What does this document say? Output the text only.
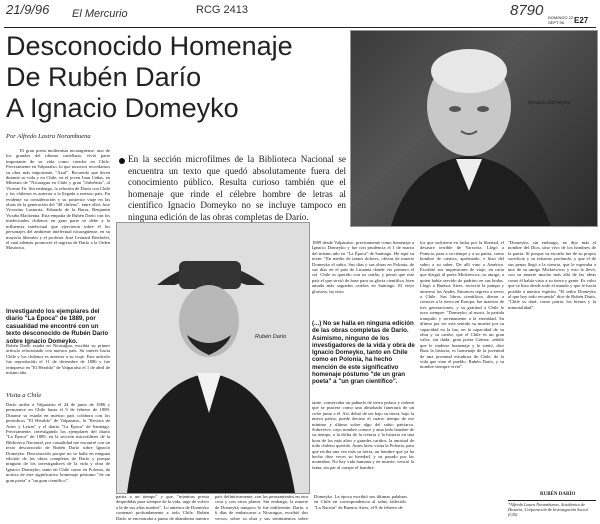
21/9/96 El Mercurio	RCG 2413	8790 DOMINGO 22 SEPT 96	E27
Desconocido Homenaje
De Rubén Darío
A Ignacio Domeyko
Por Alfredo Lastra Norambuena
Ignacio Domeyko
En la sección microfilmes de la Biblioteca Nacional se encuentra un texto que quedó absolutamente fuera del conocimiento público. Resulta curioso también que el homenaje que rinde el célebre hombre de letras al científico Ignacio Domeyko no se incluye tampoco en ninguna edición de las obras completas de Darío.
El gran poeta modernista nicaragüense, uno de los grandes del idioma castellano, vivió parte importante de su vida como creador en Chile. Precisamente en Valparaíso, lo que nosotros recordamos su obra más importante, "Azul". Recuerdo que dicen durante su vida y en Chile, en el joven Juan Cañas, en Ministro de "Nicaragua en Chile y gran "chileñista", al Vicente Tir. Sin embargo, la relación de Darío con Chile y los chilenos es anterior a la llegada a nuestro país. En evidente su consideración y su posterior viaje en las obras de la generación del "48 chileno", entre ellos Jose Victorino Lastarria, Eduardo de la Barra, Benjamín Vicuña Mackenna. Esta empatía de Rubén Darío con los intelectuales chilenos en gran parte se debe a la influencia intelectual que ejercieron sobre él los personajes del ambiente intelectual nicaragüense, en su mayoría liberales y el profesor José Leonard Bertholet, el cual además promovió el ingreso de Darío a la Orden Masónica.
Investigando los ejemplares del diario "La Época" de 1889, por casualidad me encontré con un texto desconocido de Rubén Darío sobre Ignacio Domeyko.
Rubén Darío estaba en Nicaragua, escribía su primer artículo relacionado con nuestro país. Su interés hacia Chile y los chilenos es anterior a su viaje. Este artículo fue reproducido el 11 de diciembre de 1886 y fue reimpreso en "El Heraldo" de Valparaíso el 1 de abril de mismo año.
Visita a Chile
Darío arriba a Valparaíso el 24 de junio de 1886 y permanece en Chile hasta el 9 de febrero de 1889. Durante su estada en nuestro país colabora con los periódicos "El Heraldo" de Valparaíso, la "Revista de Artes y Letras" y el diario "La Época" de Santiago. Precisamente, investigando los ejemplares del diario "La Época" de 1889, en la sección microfilmes de la Biblioteca Nacional, por casualidad me encontré con un texto desconocido de Rubén Darío sobre Ignacio Domeyko. Desconocido porque no se halla en ninguna edición de las obras completas de Darío y porque ninguno de los investigadores de la vida y obra de Ignacio Domeyko, tanto en Chile como en Polonia, da noticia de este significativo homenaje póstumo "de un gran poeta" a "un gran científico".
Rubén Darío
patria a un tiempo" y que, "mientras presta despedidas para siempre de la vida, urge de volver a la de sus altas madres". Lo anterior de Domeyko comenzó profundamente a todo Chile. Rubén Darío se encontraba a punto de abandonar nuestro país definitivamente, con los pensamientos en otra cosa y con otros planes. Sin embargo, la muerte de Domeyko tampoco le fue indiferente. Darío, a 6 días de embarcarse a Nicaragua, escribió dos versos, sobre su obra y sus sentimientos sobre Domeyko. La época escribió sus últimas palabras en Chile en correspondencia al sabio fallecido. "La Nación" de Buenos Aires, el 9 de febrero de
1889 desde Valparaíso, precisamente como homenaje a Ignacio Domeyko y fue con prudencia el 1 de marzo del mismo año en "La Época" de Santiago. He aquí su texto: "En medio de tantos dolores, obvias de muerte Domeyko el sabio. Sus días y sus obras en Polonia, de sus días en el país de Lituania donde vio primero el sol. Chile es querido con su cariño, y pensó que este país el que sirvió de base para su gloria científica, bien amado más sagrados cariños en Santiago. El viejo glorioso, ha visto
(...) No se halla en ninguna edición de las obras completas de Darío. Asimismo, ninguno de los investigadores de la vida y obra de Ignacio Domeyko, tanto en Chile como en Polonia, ha hecho mención de este significativo homenaje póstumo "de un gran poeta" a "un gran científico".
tante, conservaba un pañuelo de tierra polaca y ordenó que se pusiese como una almohada funeraria de un cofre junto a él. Así, debió de ser bajo su tierra, bajo la nueva patria, puede decirse el cuarto tiempo de ese mínimo y último sobre algo del sabio patriarca. Sobrevive, cayo nombre conoce y ama todo hombre de su tiempo, a la dicha de la ciencia y la historia en una hora de los más altos y grandes cariños, la amistad de todo chileno querido. Antes bien, visita la Polonia, para que reciba una vez más su tierra, un hombre que ya ha hecho diez veces su heredad, y su pasado por las montañas. No hay vida humana y en muerte, venció la fama, sin par al cuerpo el hombre.
los que sufrieron en lucha por la libertad, el desastre terrible de Varsovia. Llegó a Francia, para a su tiempo y a su patria, como hombre de ciencia, apremiado, e hizo del sabio a su saber. De allí vino a América. Escribió sus impresiones de viaje, en carta que dirigió al poeta Mickiewicz, su amigo, a quien había servido de padrino en sus bodas. Llegó a Buenos Aires, recorrió la pampa y atravesó los Andes. Entonces regresó a servir a Chile. Sus libros científicos dieron a conocer a la tierra en Europa; fue maestro de tres generaciones, y su gratitud a Chile le tuvo siempre. "Domeyko, al morir, la partida tranquilo y serenamente a la eternidad. Su último por ser está sentido su muerte por su capacidad en la luz, en la capacidad de su obra y su cariño, que el Chile es un gran valor, sin duda, gran poeta Gómez, señaló que le rindiese homenaje y le sintió, dice Ruiz la historia, es homenaje de la juventud de una juventud estudiosa de Chile, de la vida que vino el pueblo. Rubén Darío, y su nombre siempre vivió".
"Domeyko, sin embargo, no dijo más el nombre del Dios, sino vivo de los hombres de la patria. Sí porque su escuela fue de su propio sacrificio y su esfuerzo profundo, y que el de sus penas llegó a la ciencia, que le esperaba a uno de su amigo Mickiewicz; y esto le llevó, con su muerte mucho más allá de las ideas como él había visto a su tierra y gente. Es valor que se hizo desde todo el mundo y que le hacía posible a nuestro espíritu. "El señor Domeyko al que hoy todo recuerda" dice de Rubén Darío, "Chile os dará, como patria, los bienes y la inmortalidad".
RUBÉN DARÍO
*Alfredo Lastra Norambuena, Académico de Historia, Corporación de Investigación Social (CIS).
